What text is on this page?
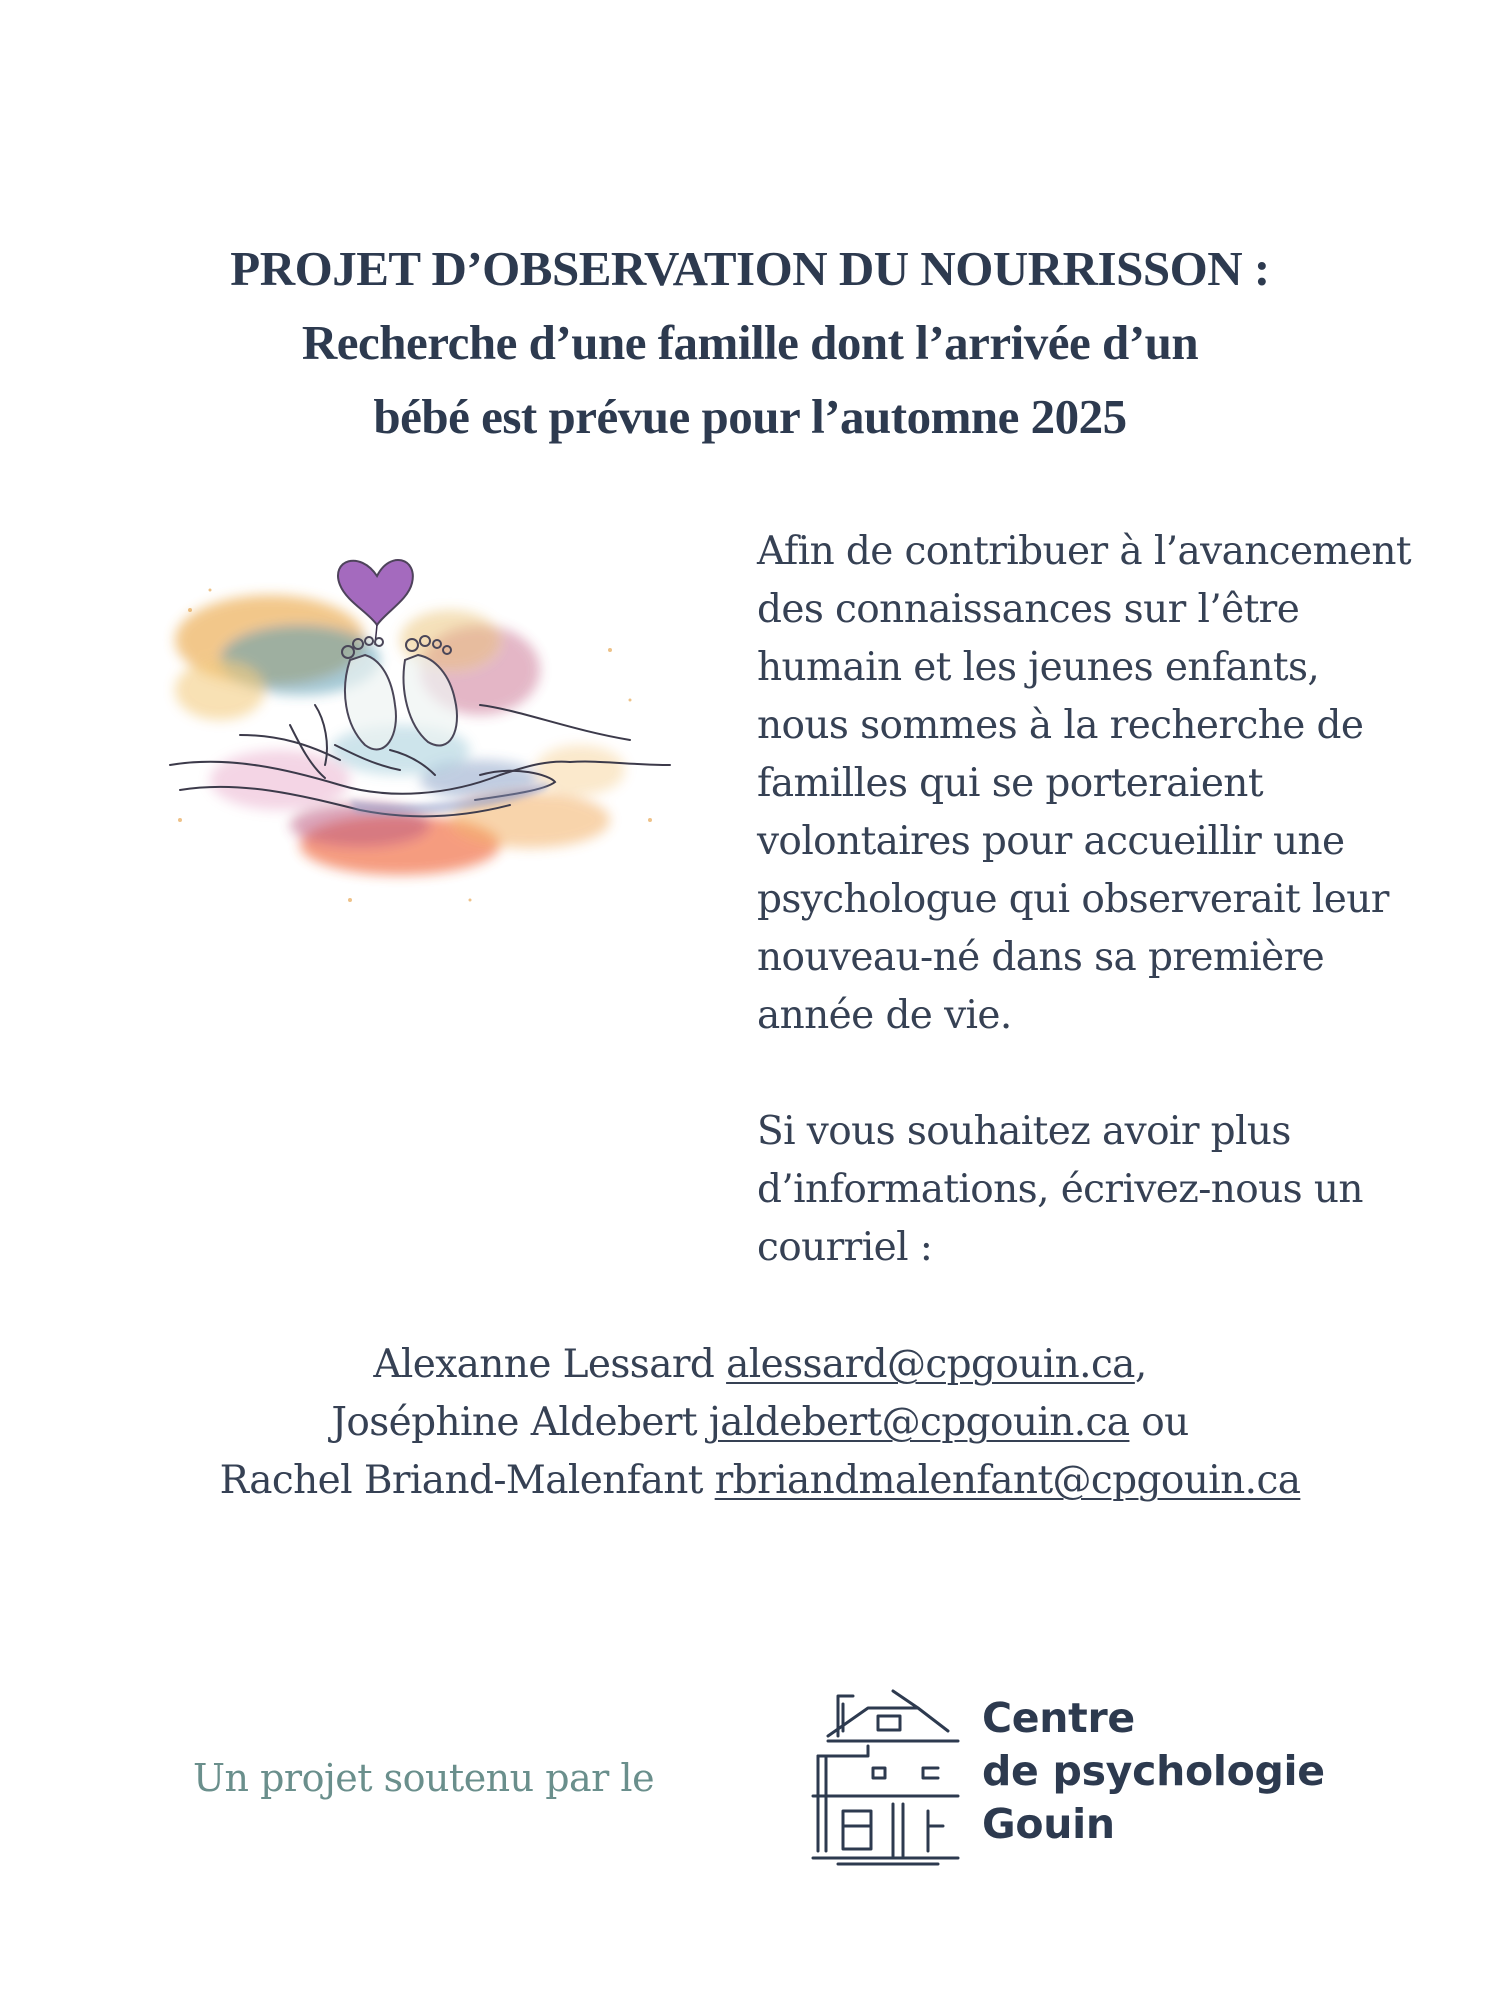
PROJET D’OBSERVATION DU NOURRISSON :
Recherche d’une famille dont l’arrivée d’un
bébé est prévue pour l’automne 2025
Afin de contribuer à l’avancement
des connaissances sur l’être
humain et les jeunes enfants,
nous sommes à la recherche de
familles qui se porteraient
volontaires pour accueillir une
psychologue qui observerait leur
nouveau-né dans sa première
année de vie.
Si vous souhaitez avoir plus
d’informations, écrivez-nous un
courriel :
Alexanne Lessard alessard@cpgouin.ca,
Joséphine Aldebert jaldebert@cpgouin.ca ou
Rachel Briand-Malenfant rbriandmalenfant@cpgouin.ca
Un projet soutenu par le
Centre
de psychologie
Gouin
